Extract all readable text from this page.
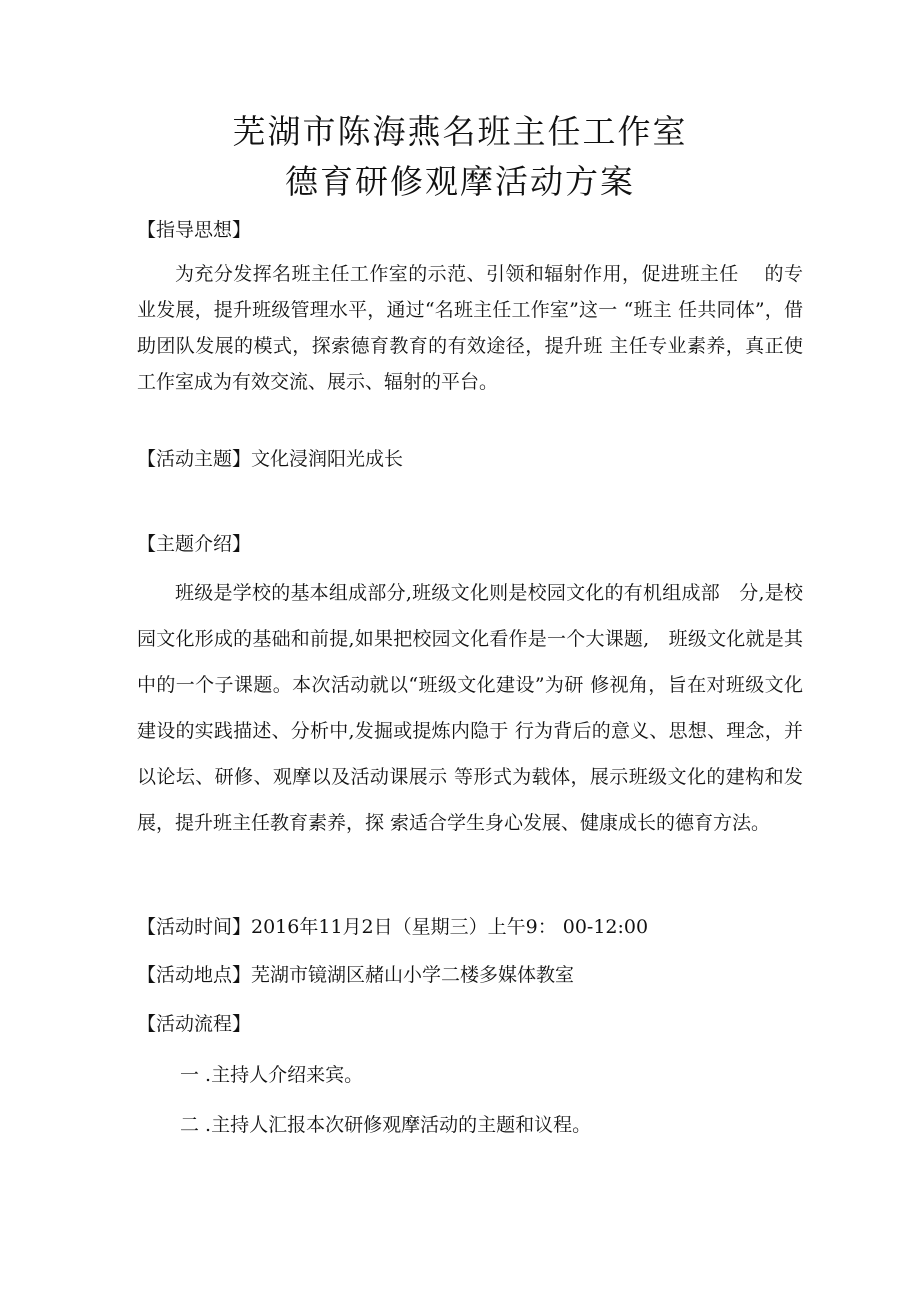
芜湖市陈海燕名班主任工作室
德育研修观摩活动方案
【指导思想】

为充分发挥名班主任工作室的示范、引领和辐射作用，促进班主任　 的专业发展，提升班级管理水平，通过“名班主任工作室”这一 “班主 任共同体”，借助团队发展的模式，探索德育教育的有效途径，提升班 主任专业素养，真正使工作室成为有效交流、展示、辐射的平台。

【活动主题】文化浸润阳光成长
【主题介绍】

班级是学校的基本组成部分,班级文化则是校园文化的有机组成部　分,是校园文化形成的基础和前提,如果把校园文化看作是一个大课题,　班级文化就是其中的一个子课题。本次活动就以“班级文化建设”为研 修视角，旨在对班级文化建设的实践描述、分析中,发掘或提炼内隐于 行为背后的意义、思想、理念，并以论坛、研修、观摩以及活动课展示 等形式为载体，展示班级文化的建构和发展，提升班主任教育素养，探 索适合学生身心发展、健康成长的德育方法。

【活动时间】2016年11月2日（星期三）上午9： 00-12:00
【活动地点】芜湖市镜湖区赭山小学二楼多媒体教室
【活动流程】
一 .主持人介绍来宾。
二 .主持人汇报本次研修观摩活动的主题和议程。
